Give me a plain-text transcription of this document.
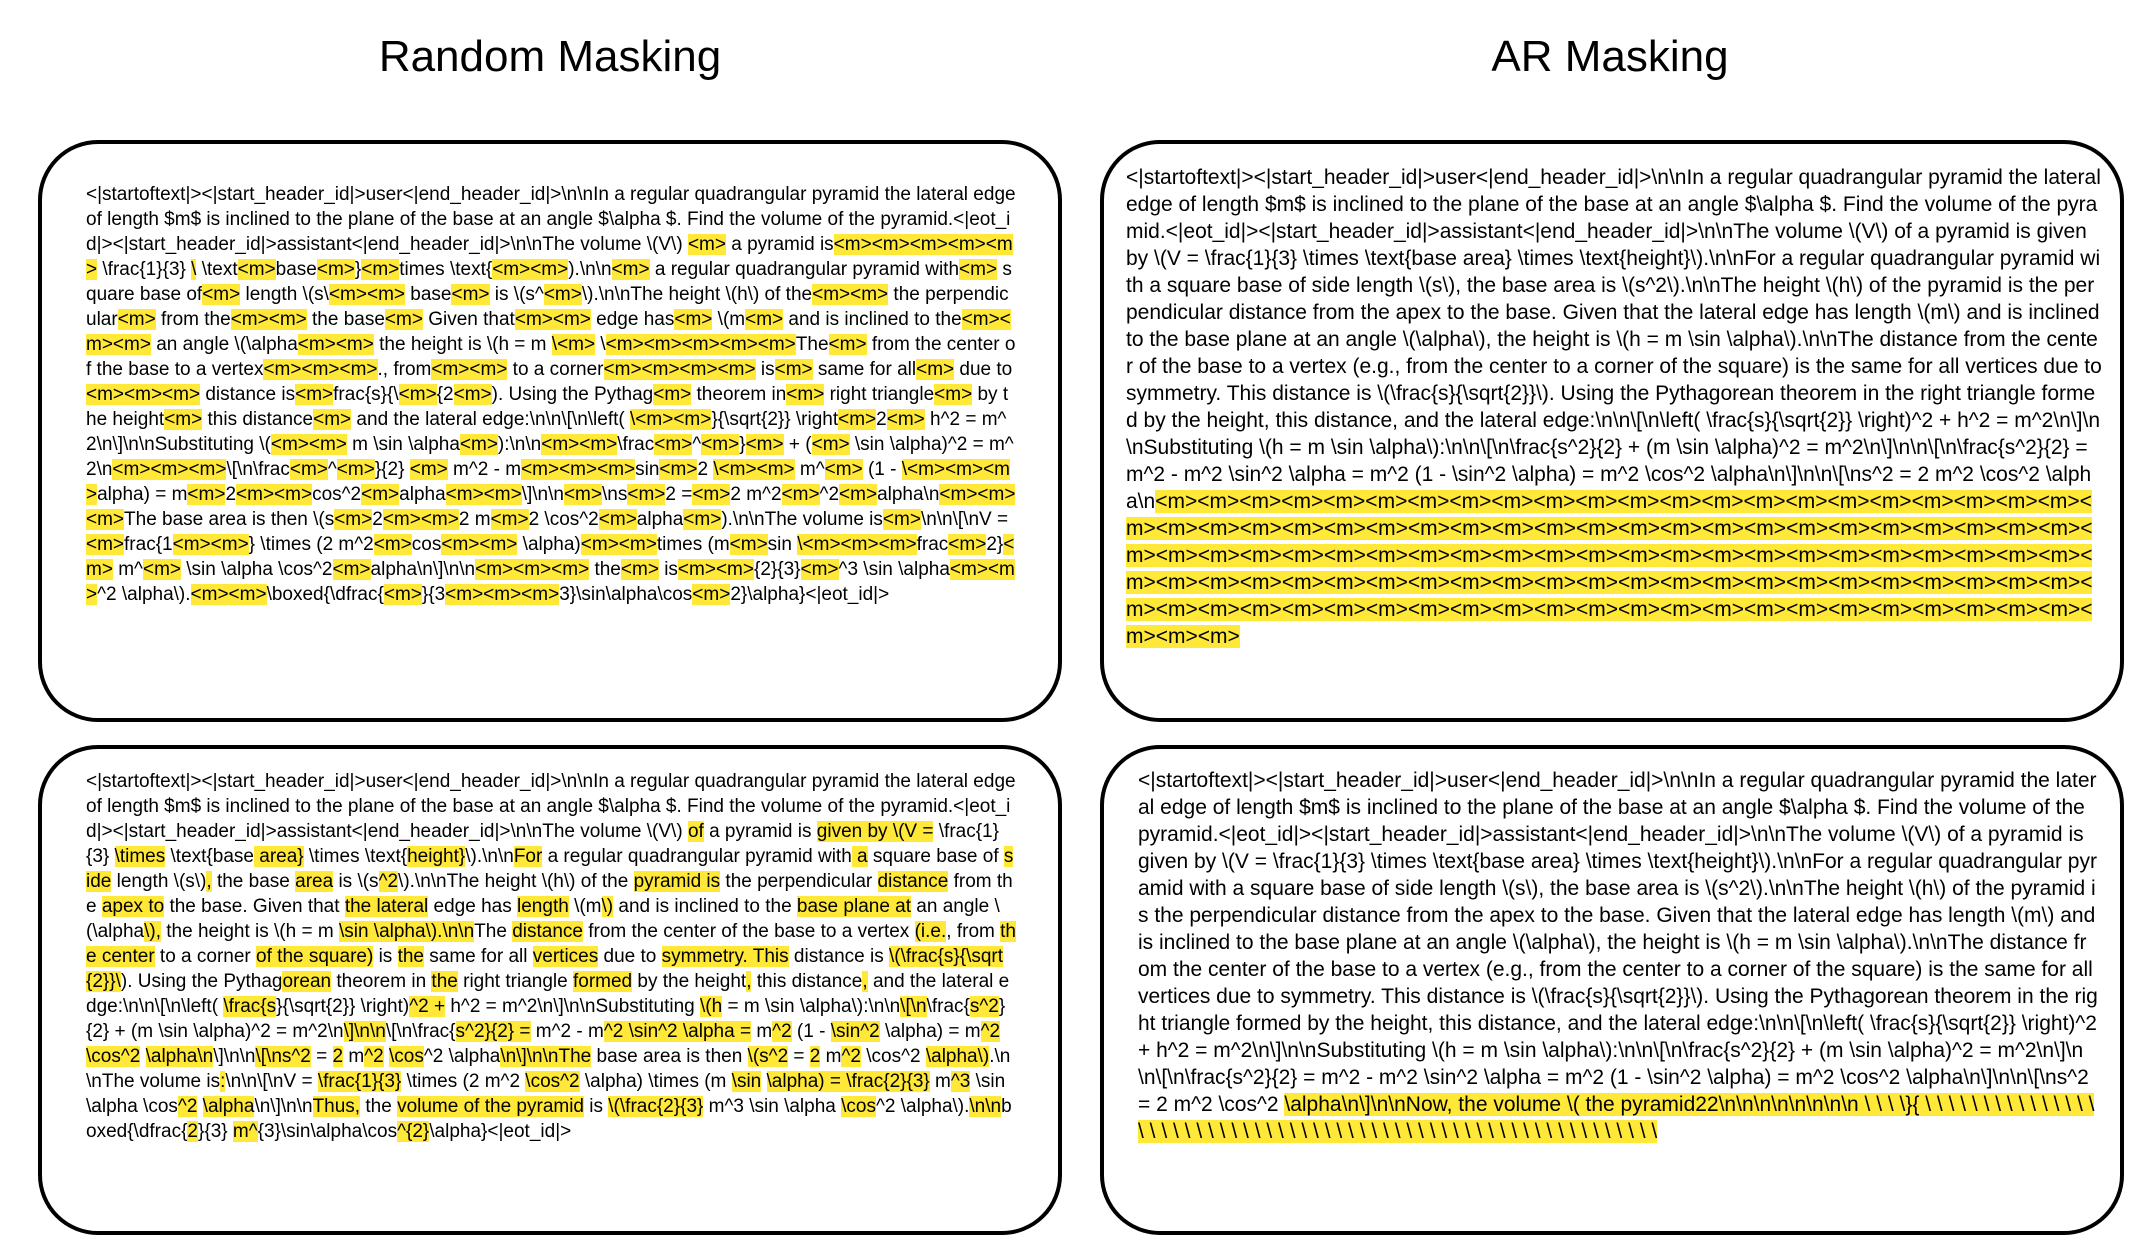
Random Masking	AR Masking

<|startoftext|><|start_header_id|>user<|end_header_id|>\n\nIn a regular quadrangular pyramid the lateral edge of length $m$ is inclined to the plane of the base at an angle $\alpha $. Find the volume of the pyramid.<|eot_id|><|start_header_id|>assistant<|end_header_id|>\n\nThe volume \(V\) <m> a pyramid is<m><m><m><m><m> \frac{1}{3} \ \text<m>base<m>}<m>times \text{<m><m>).\n\n<m> a regular quadrangular pyramid with<m> square base of<m> length \(s\<m><m> base<m> is \(s^<m>\).\n\nThe height \(h\) of the<m><m> the perpendicular<m> from the<m><m> the base<m> Given that<m><m> edge has<m> \(m<m> and is inclined to the<m><m><m> an angle \(\alpha<m><m> the height is \(h = m \<m> \<m><m><m><m><m>The<m> from the center of the base to a vertex<m><m><m>., from<m><m> to a corner<m><m><m><m> is<m> same for all<m> due to<m><m><m> distance is<m>frac{s}{\<m>{2<m>). Using the Pythag<m> theorem in<m> right triangle<m> by the height<m> this distance<m> and the lateral edge:\n\n\[\n\left( \<m><m>}{\sqrt{2}} \right<m>2<m> h^2 = m^2\n\]\n\nSubstituting \(<m><m> m \sin \alpha<m>):\n\n<m><m>\frac<m>^<m>}<m> + (<m> \sin \alpha)^2 = m^2\n<m><m><m>\[\n\frac<m>^<m>}{2} <m> m^2 - m<m><m><m>sin<m>2 \<m><m> m^<m> (1 - \<m><m><m>alpha) = m<m>2<m><m>cos^2<m>alpha<m><m>\]\n\n<m>\ns<m>2 =<m>2 m^2<m>^2<m>alpha\n<m><m><m>The base area is then \(s<m>2<m><m>2 m<m>2 \cos^2<m>alpha<m>).\n\nThe volume is<m>\n\n\[\nV =<m>frac{1<m><m>} \times (2 m^2<m>cos<m><m> \alpha)<m><m>times (m<m>sin \<m><m><m>frac<m>2}<m> m^<m> \sin \alpha \cos^2<m>alpha\n\]\n\n<m><m><m> the<m> is<m><m>{2}{3}<m>^3 \sin \alpha<m><m>^2 \alpha\).<m><m>\boxed{\dfrac{<m>}{3<m><m><m>3}\sin\alpha\cos<m>2}\alpha}<|eot_id|>

<|startoftext|><|start_header_id|>user<|end_header_id|>\n\nIn a regular quadrangular pyramid the lateral edge of length $m$ is inclined to the plane of the base at an angle $\alpha $. Find the volume of the pyramid.<|eot_id|><|start_header_id|>assistant<|end_header_id|>\n\nThe volume \(V\) of a pyramid is given by \(V = \frac{1}{3} \times \text{base area} \times \text{height}\).\n\nFor a regular quadrangular pyramid with a square base of side length \(s\), the base area is \(s^2\).\n\nThe height \(h\) of the pyramid is the perpendicular distance from the apex to the base. Given that the lateral edge has length \(m\) and is inclined to the base plane at an angle \(\alpha\), the height is \(h = m \sin \alpha\).\n\nThe distance from the center of the base to a vertex (e.g., from the center to a corner of the square) is the same for all vertices due to symmetry. This distance is \(\frac{s}{\sqrt{2}}\). Using the Pythagorean theorem in the right triangle formed by the height, this distance, and the lateral edge:\n\n\[\n\left( \frac{s}{\sqrt{2}} \right)^2 + h^2 = m^2\n\]\n\nSubstituting \(h = m \sin \alpha\):\n\n\[\n\frac{s^2}{2} + (m \sin \alpha)^2 = m^2\n\]\n\n\[\n\frac{s^2}{2} = m^2 - m^2 \sin^2 \alpha = m^2 (1 - \sin^2 \alpha) = m^2 \cos^2 \alpha\n\]\n\n\[\ns^2 = 2 m^2 \cos^2 \alpha\n<m><m><m><m><m><m><m><m><m><m><m><m><m><m><m><m><m><m><m><m><m><m><m><m><m><m><m><m><m><m><m><m><m><m><m><m><m><m><m><m><m><m><m><m><m><m><m><m><m><m><m><m><m><m><m><m><m><m><m><m><m><m><m><m><m><m><m><m><m><m><m><m><m><m><m><m><m><m><m><m><m><m><m><m><m><m><m><m><m><m><m><m><m><m><m><m><m><m><m><m><m><m><m><m><m><m><m><m><m><m><m><m><m><m><m><m><m>

<|startoftext|><|start_header_id|>user<|end_header_id|>\n\nIn a regular quadrangular pyramid the lateral edge of length $m$ is inclined to the plane of the base at an angle $\alpha $. Find the volume of the pyramid.<|eot_id|><|start_header_id|>assistant<|end_header_id|>\n\nThe volume \(V\) of a pyramid is given by \(V = \frac{1}{3} \times \text{base area} \times \text{height}\).\n\nFor a regular quadrangular pyramid with a square base of side length \(s\), the base area is \(s^2\).\n\nThe height \(h\) of the pyramid is the perpendicular distance from the apex to the base. Given that the lateral edge has length \(m\) and is inclined to the base plane at an angle \(\alpha\), the height is \(h = m \sin \alpha\).\n\nThe distance from the center of the base to a vertex (i.e., from the center to a corner of the square) is the same for all vertices due to symmetry. This distance is \(\frac{s}{\sqrt{2}}\). Using the Pythagorean theorem in the right triangle formed by the height, this distance, and the lateral edge:\n\n\[\n\left( \frac{s}{\sqrt{2}} \right)^2 + h^2 = m^2\n\]\n\nSubstituting \(h = m \sin \alpha\):\n\n\[\n\frac{s^2}{2} + (m \sin \alpha)^2 = m^2\n\]\n\n\[\n\frac{s^2}{2} = m^2 - m^2 \sin^2 \alpha = m^2 (1 - \sin^2 \alpha) = m^2 \cos^2 \alpha\n\]\n\n\[\ns^2 = 2 m^2 \cos^2 \alpha\n\]\n\nThe base area is then \(s^2 = 2 m^2 \cos^2 \alpha\).\n\nThe volume is:\n\n\[\nV = \frac{1}{3} \times (2 m^2 \cos^2 \alpha) \times (m \sin \alpha) = \frac{2}{3} m^3 \sin \alpha \cos^2 \alpha\n\]\n\nThus, the volume of the pyramid is \(\frac{2}{3} m^3 \sin \alpha \cos^2 \alpha\).\n\nboxed{\dfrac{2}{3} m^{3}\sin\alpha\cos^{2}\alpha}<|eot_id|>

<|startoftext|><|start_header_id|>user<|end_header_id|>\n\nIn a regular quadrangular pyramid the lateral edge of length $m$ is inclined to the plane of the base at an angle $\alpha $. Find the volume of the pyramid.<|eot_id|><|start_header_id|>assistant<|end_header_id|>\n\nThe volume \(V\) of a pyramid is given by \(V = \frac{1}{3} \times \text{base area} \times \text{height}\).\n\nFor a regular quadrangular pyramid with a square base of side length \(s\), the base area is \(s^2\).\n\nThe height \(h\) of the pyramid is the perpendicular distance from the apex to the base. Given that the lateral edge has length \(m\) and is inclined to the base plane at an angle \(\alpha\), the height is \(h = m \sin \alpha\).\n\nThe distance from the center of the base to a vertex (e.g., from the center to a corner of the square) is the same for all vertices due to symmetry. This distance is \(\frac{s}{\sqrt{2}}\). Using the Pythagorean theorem in the right triangle formed by the height, this distance, and the lateral edge:\n\n\[\n\left( \frac{s}{\sqrt{2}} \right)^2 + h^2 = m^2\n\]\n\nSubstituting \(h = m \sin \alpha\):\n\n\[\n\frac{s^2}{2} + (m \sin \alpha)^2 = m^2\n\]\n\n\[\n\frac{s^2}{2} = m^2 - m^2 \sin^2 \alpha = m^2 (1 - \sin^2 \alpha) = m^2 \cos^2 \alpha\n\]\n\n\[\ns^2 = 2 m^2 \cos^2 \alpha\n\]\n\nNow, the volume \( the pyramid22\n\n\n\n\n\n\n\n \ \ \ \}{ \ \ \ \ \ \ \ \ \ \ \ \ \ \ \ \ \ \ \ \ \ \ \ \ \ \ \ \ \ \ \ \ \ \ \ \ \ \ \ \ \ \ \ \ \ \ \ \ \ \ \ \ \ \ \ \ \ \ \ \
